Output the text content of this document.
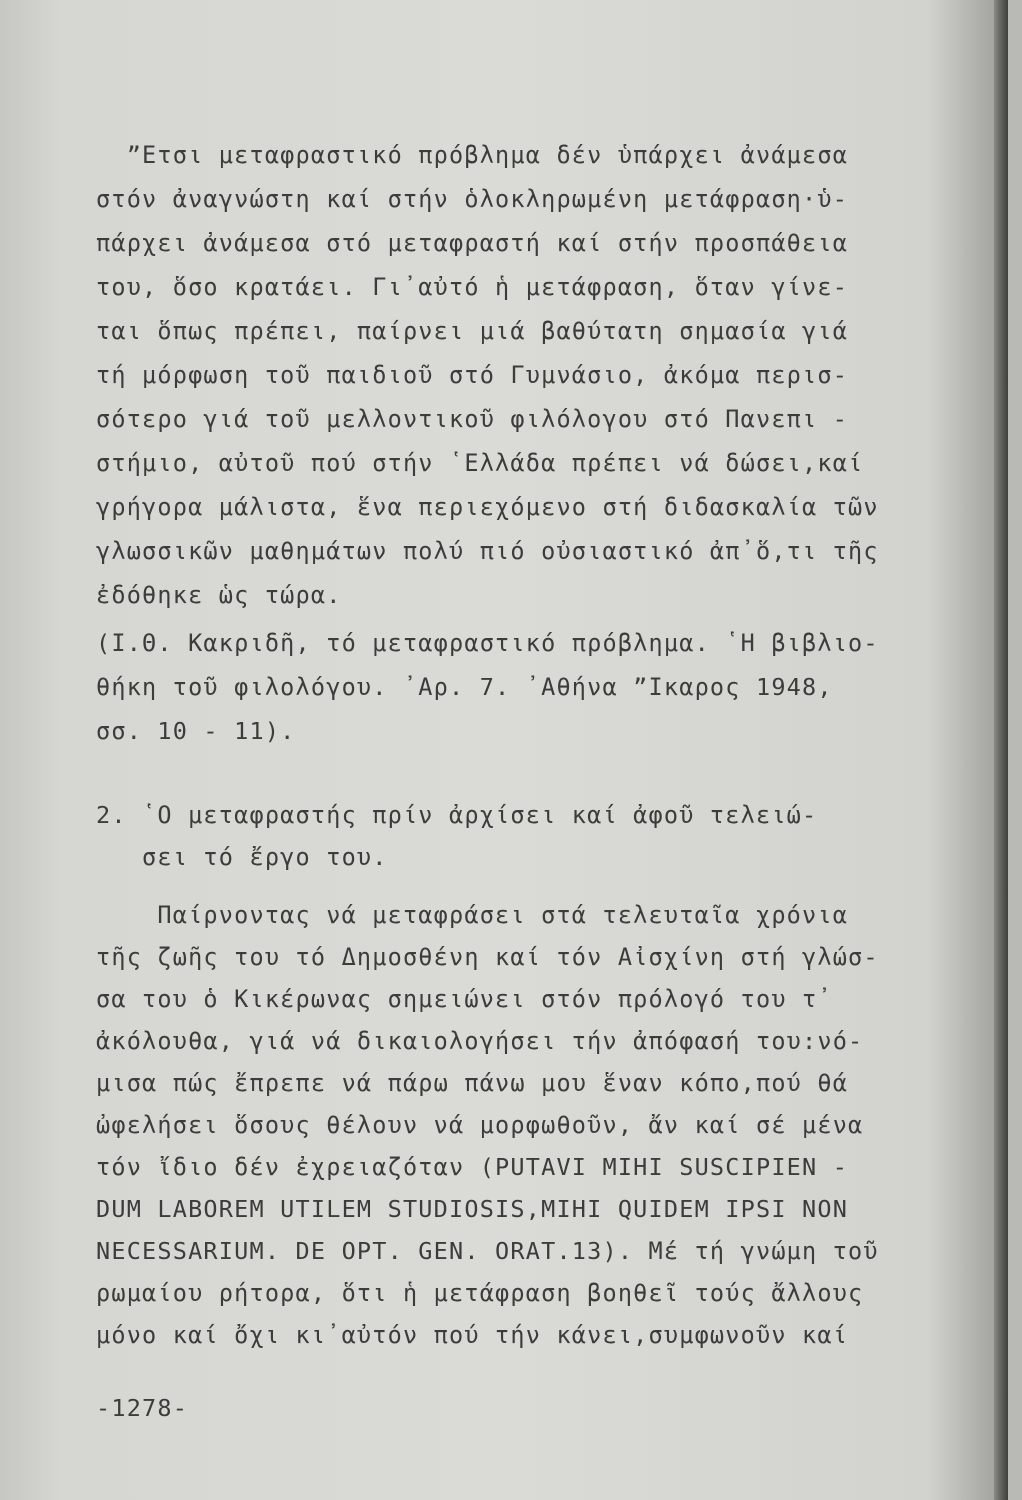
”Ετσι μεταφραστικό πρόβλημα δέν ὑπάρχει ἀνάμεσα
στόν ἀναγνώστη καί στήν ὁλοκληρωμένη μετάφραση·ὑ-
πάρχει ἀνάμεσα στό μεταφραστή καί στήν προσπάθεια
του, ὅσο κρατάει. Γι᾽αὐτό ἡ μετάφραση, ὅταν γίνε-
ται ὅπως πρέπει, παίρνει μιά βαθύτατη σημασία γιά
τή μόρφωση τοῦ παιδιοῦ στό Γυμνάσιο, ἀκόμα περισ-
σότερο γιά τοῦ μελλοντικοῦ φιλόλογου στό Πανεπι -
στήμιο, αὐτοῦ πού στήν ῾Ελλάδα πρέπει νά δώσει,καί
γρήγορα μάλιστα, ἕνα περιεχόμενο στή διδασκαλία τῶν
γλωσσικῶν μαθημάτων πολύ πιό οὐσιαστικό ἀπ᾽ὅ,τι τῆς
ἐδόθηκε ὡς τώρα.
(Ι.Θ. Κακριδῆ, τό μεταφραστικό πρόβλημα. ῾Η βιβλιο-
θήκη τοῦ φιλολόγου. ᾽Αρ. 7. ᾽Αθήνα ”Ικαρος 1948,
σσ. 10 - 11).
2. ῾Ο μεταφραστής πρίν ἀρχίσει καί ἀφοῦ τελειώ-
σει τό ἔργο του.
Παίρνοντας νά μεταφράσει στά τελευταῖα χρόνια
τῆς ζωῆς του τό Δημοσθένη καί τόν Αἰσχίνη στή γλώσ-
σα του ὁ Κικέρωνας σημειώνει στόν πρόλογό του τ᾽
ἀκόλουθα, γιά νά δικαιολογήσει τήν ἀπόφασή του:νό-
μισα πώς ἔπρεπε νά πάρω πάνω μου ἕναν κόπο,πού θά
ὠφελήσει ὅσους θέλουν νά μορφωθοῦν, ἄν καί σέ μένα
τόν ἴδιο δέν ἐχρειαζόταν (PUTAVI MIHI SUSCIPIEN -
DUM LABOREM UTILEM STUDIOSIS,MIHI QUIDEM IPSI NON
NECESSARIUM. DE OPT. GEN. ORAT.13). Μέ τή γνώμη τοῦ
ρωμαίου ρήτορα, ὅτι ἡ μετάφραση βοηθεῖ τούς ἄλλους
μόνο καί ὄχι κι᾽αὐτόν πού τήν κάνει,συμφωνοῦν καί
-1278-
